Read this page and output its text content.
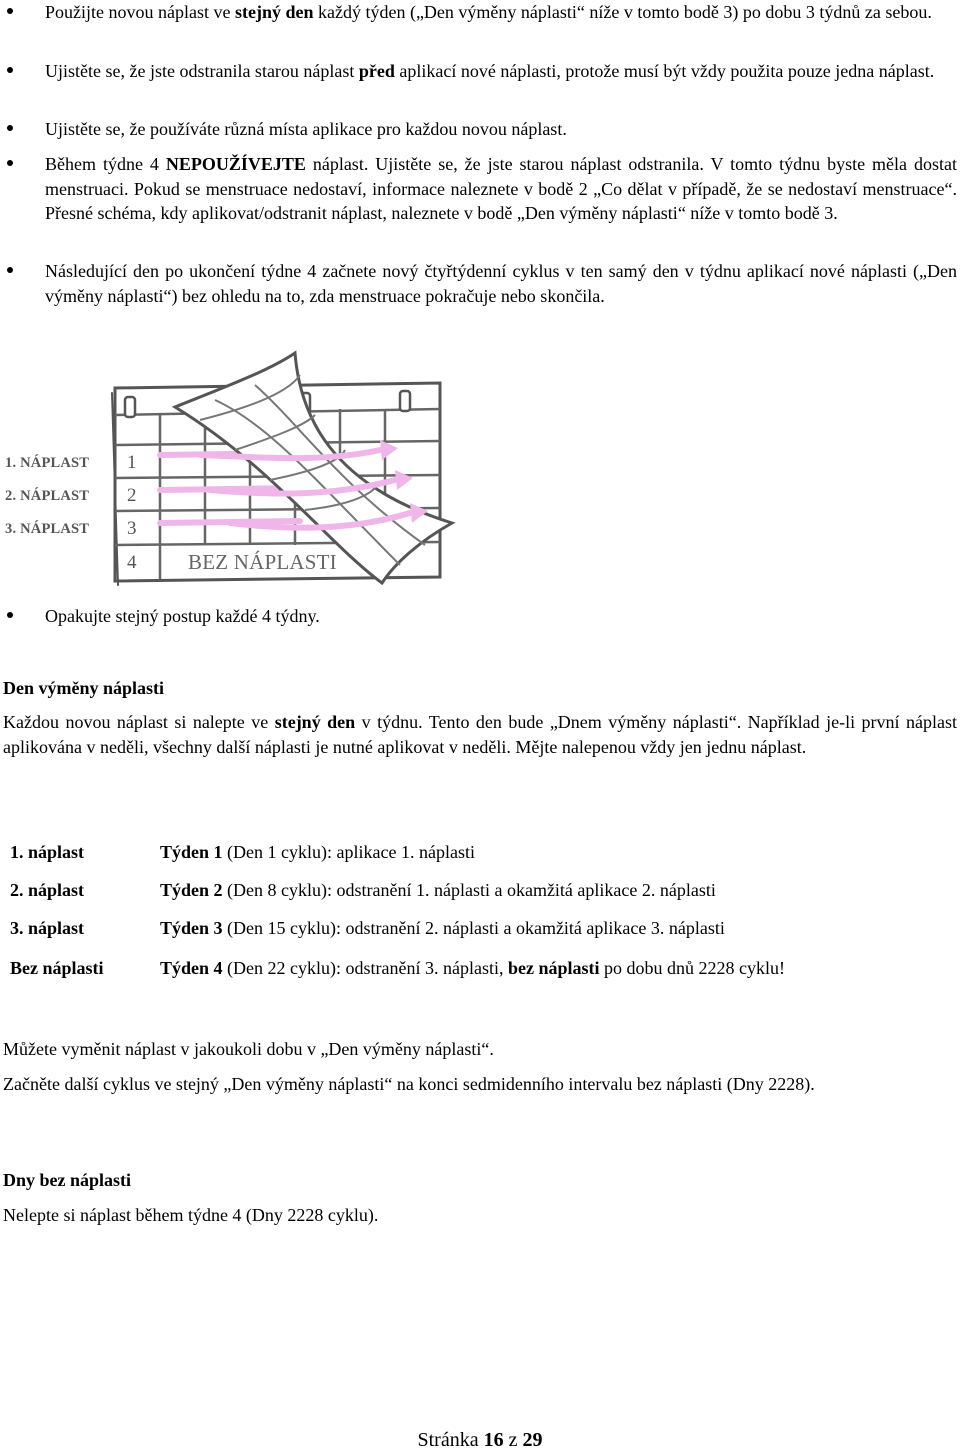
Použijte novou náplast ve stejný den každý týden („Den výměny náplasti“ níže v tomto bodě 3) po dobu 3 týdnů za sebou.
Ujistěte se, že jste odstranila starou náplast před aplikací nové náplasti, protože musí být vždy použita pouze jedna náplast.
Ujistěte se, že používáte různá místa aplikace pro každou novou náplast.
Během týdne 4 NEPOUŽÍVEJTE náplast. Ujistěte se, že jste starou náplast odstranila. V tomto týdnu byste měla dostat menstruaci. Pokud se menstruace nedostaví, informace naleznete v bodě 2 „Co dělat v případě, že se nedostaví menstruace“. Přesné schéma, kdy aplikovat/odstranit náplast, naleznete v bodě „Den výměny náplasti“ níže v tomto bodě 3.
Následující den po ukončení týdne 4 začnete nový čtyřtýdenní cyklus v ten samý den v týdnu aplikací nové náplasti („Den výměny náplasti“) bez ohledu na to, zda menstruace pokračuje nebo skončila.
1. NÁPLAST
2. NÁPLAST
3. NÁPLAST
1
2
3
4 BEZ NÁPLASTI
Opakujte stejný postup každé 4 týdny.
Den výměny náplasti
Každou novou náplast si nalepte ve stejný den v týdnu. Tento den bude „Dnem výměny náplasti“. Například je-li první náplast aplikována v neděli, všechny další náplasti je nutné aplikovat v neděli. Mějte nalepenou vždy jen jednu náplast.
1. náplast	Týden 1 (Den 1 cyklu): aplikace 1. náplasti
2. náplast	Týden 2 (Den 8 cyklu): odstranění 1. náplasti a okamžitá aplikace 2. náplasti
3. náplast	Týden 3 (Den 15 cyklu): odstranění 2. náplasti a okamžitá aplikace 3. náplasti
Bez náplasti	Týden 4 (Den 22 cyklu): odstranění 3. náplasti, bez náplasti po dobu dnů 2228 cyklu!
Můžete vyměnit náplast v jakoukoli dobu v „Den výměny náplasti“.
Začněte další cyklus ve stejný „Den výměny náplasti“ na konci sedmidenního intervalu bez náplasti (Dny 2228).
Dny bez náplasti
Nelepte si náplast během týdne 4 (Dny 2228 cyklu).
Stránka 16 z 29
